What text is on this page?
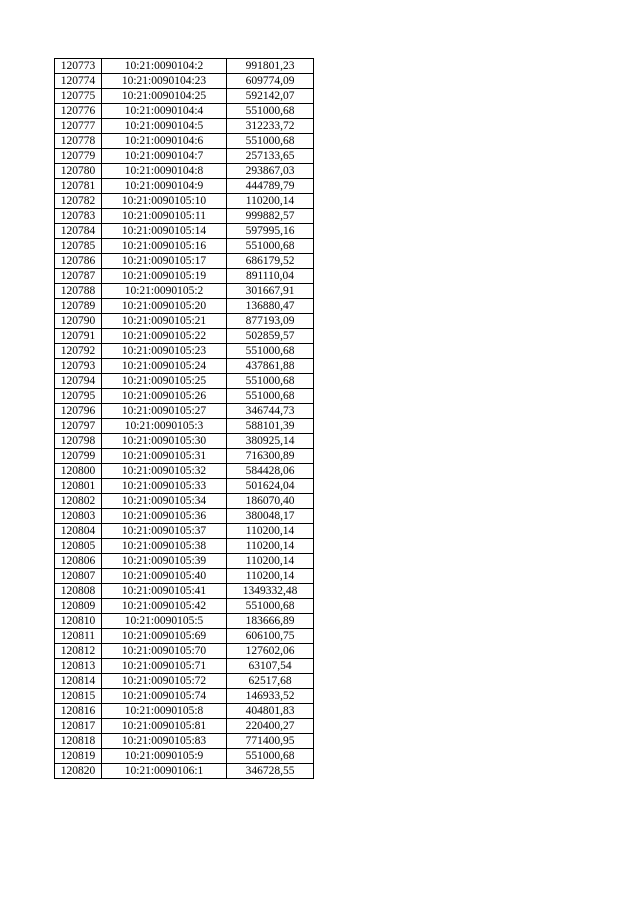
120773	10:21:0090104:2	991801,23
120774	10:21:0090104:23	609774,09
120775	10:21:0090104:25	592142,07
120776	10:21:0090104:4	551000,68
120777	10:21:0090104:5	312233,72
120778	10:21:0090104:6	551000,68
120779	10:21:0090104:7	257133,65
120780	10:21:0090104:8	293867,03
120781	10:21:0090104:9	444789,79
120782	10:21:0090105:10	110200,14
120783	10:21:0090105:11	999882,57
120784	10:21:0090105:14	597995,16
120785	10:21:0090105:16	551000,68
120786	10:21:0090105:17	686179,52
120787	10:21:0090105:19	891110,04
120788	10:21:0090105:2	301667,91
120789	10:21:0090105:20	136880,47
120790	10:21:0090105:21	877193,09
120791	10:21:0090105:22	502859,57
120792	10:21:0090105:23	551000,68
120793	10:21:0090105:24	437861,88
120794	10:21:0090105:25	551000,68
120795	10:21:0090105:26	551000,68
120796	10:21:0090105:27	346744,73
120797	10:21:0090105:3	588101,39
120798	10:21:0090105:30	380925,14
120799	10:21:0090105:31	716300,89
120800	10:21:0090105:32	584428,06
120801	10:21:0090105:33	501624,04
120802	10:21:0090105:34	186070,40
120803	10:21:0090105:36	380048,17
120804	10:21:0090105:37	110200,14
120805	10:21:0090105:38	110200,14
120806	10:21:0090105:39	110200,14
120807	10:21:0090105:40	110200,14
120808	10:21:0090105:41	1349332,48
120809	10:21:0090105:42	551000,68
120810	10:21:0090105:5	183666,89
120811	10:21:0090105:69	606100,75
120812	10:21:0090105:70	127602,06
120813	10:21:0090105:71	63107,54
120814	10:21:0090105:72	62517,68
120815	10:21:0090105:74	146933,52
120816	10:21:0090105:8	404801,83
120817	10:21:0090105:81	220400,27
120818	10:21:0090105:83	771400,95
120819	10:21:0090105:9	551000,68
120820	10:21:0090106:1	346728,55
